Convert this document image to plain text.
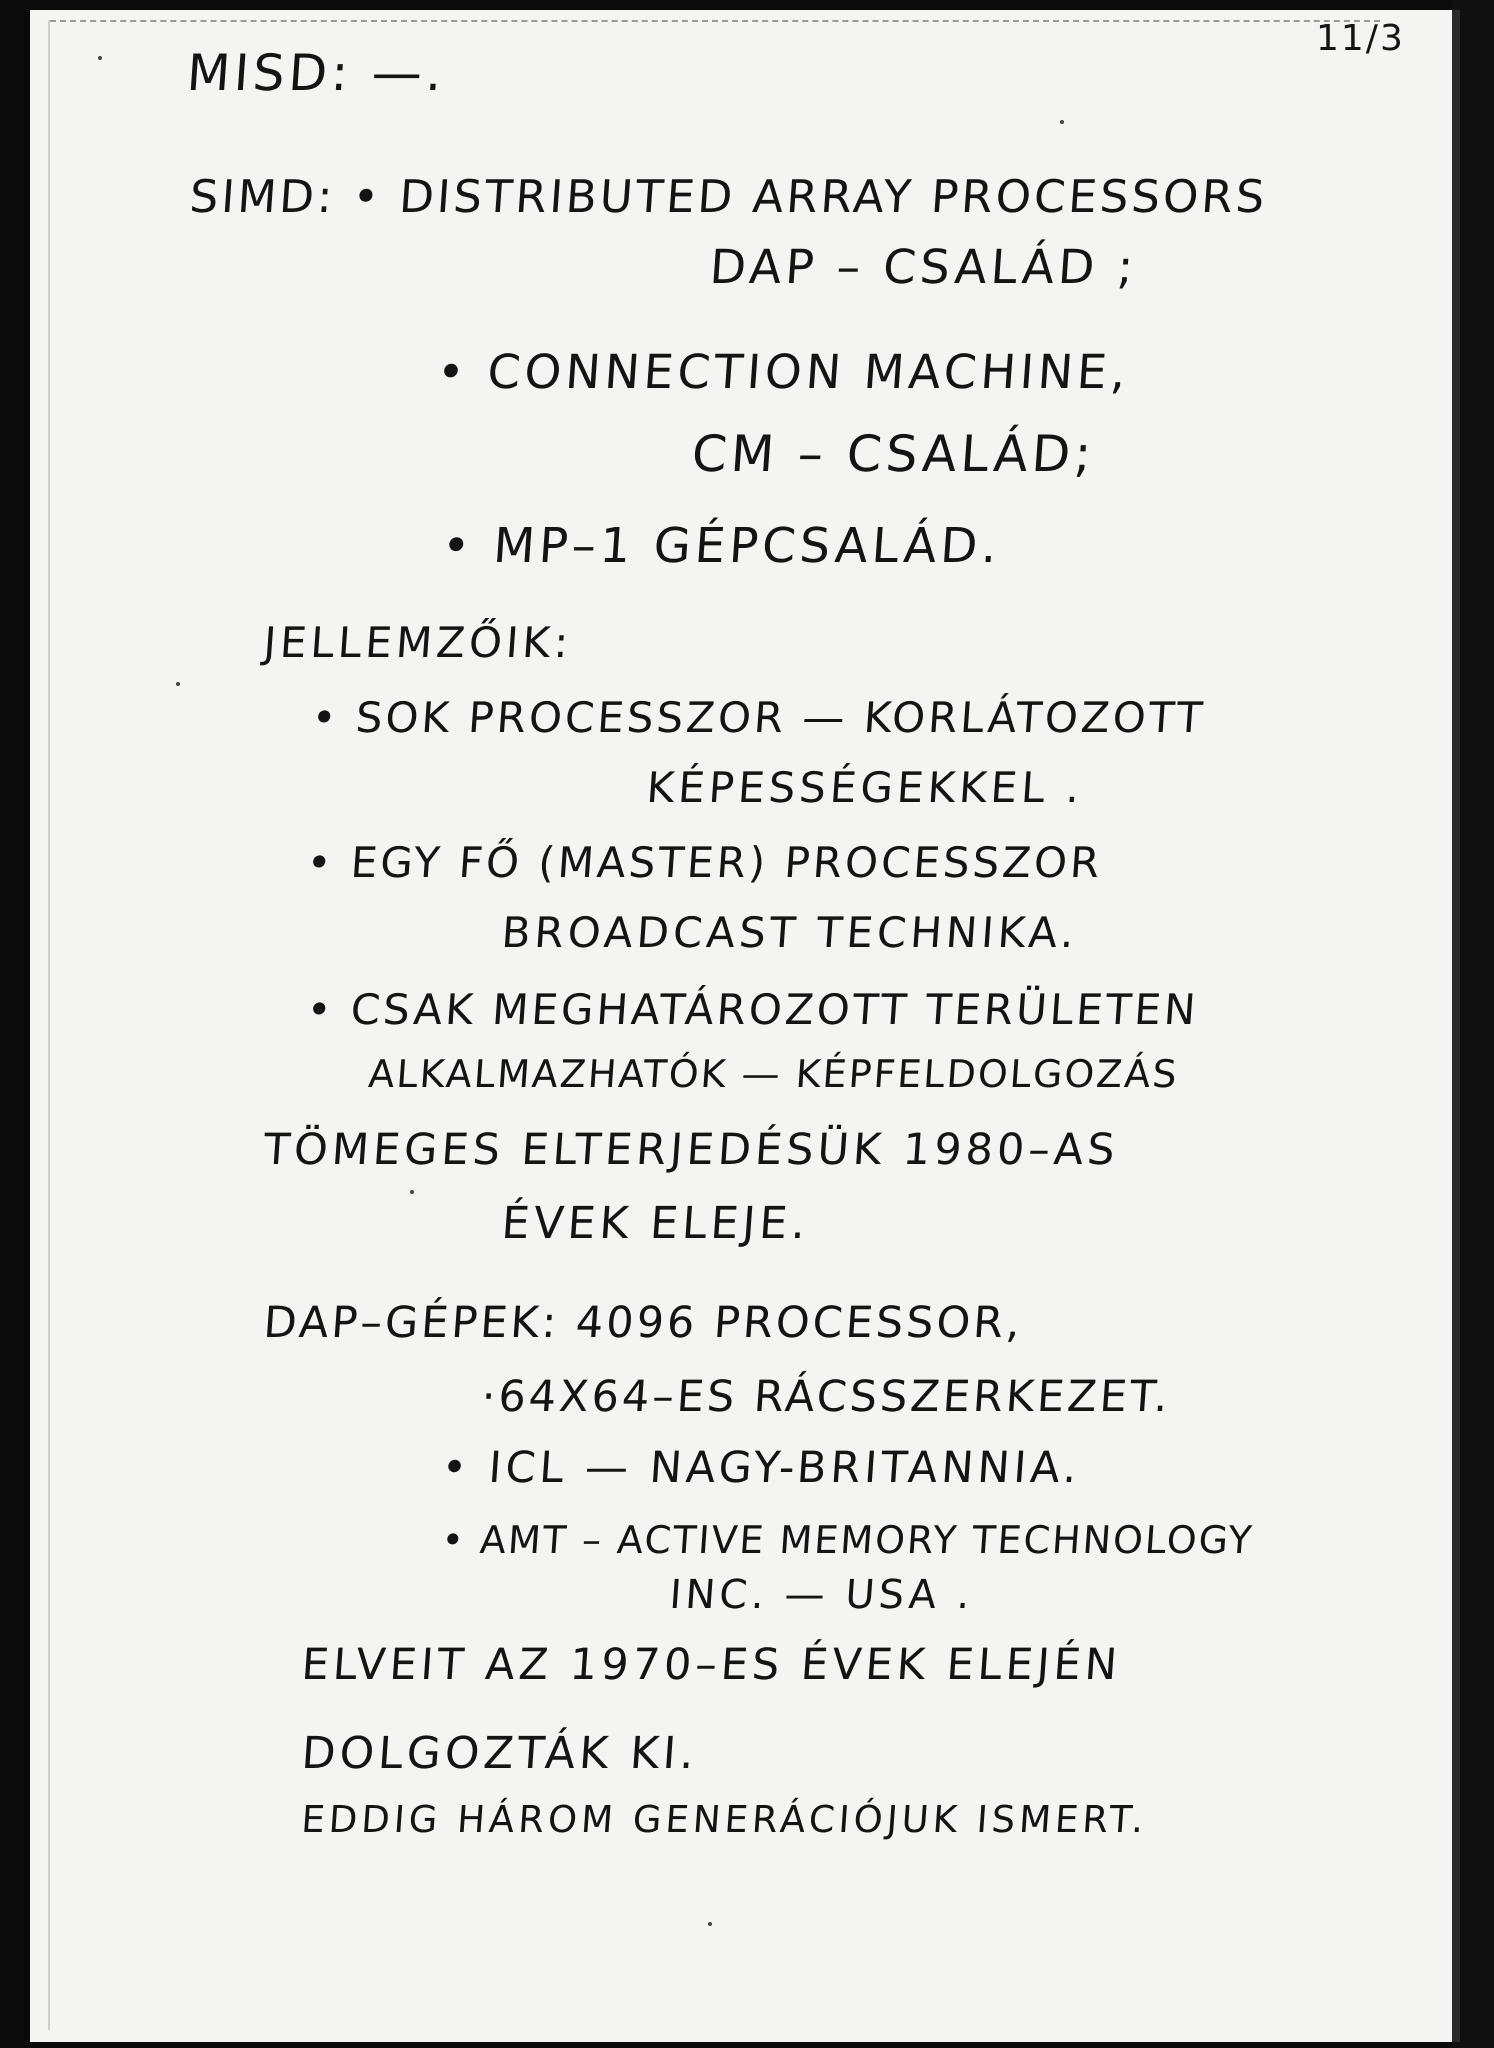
11/3
MISD: —.
SIMD: • DISTRIBUTED ARRAY PROCESSORS
DAP – CSALÁD ;
• CONNECTION MACHINE,
CM – CSALÁD;
• MP–1 GÉPCSALÁD.
JELLEMZŐIK:
• SOK PROCESSZOR — KORLÁTOZOTT
KÉPESSÉGEKKEL .
• EGY FŐ (MASTER) PROCESSZOR
BROADCAST TECHNIKA.
• CSAK MEGHATÁROZOTT TERÜLETEN
ALKALMAZHATÓK — KÉPFELDOLGOZÁS
TÖMEGES ELTERJEDÉSÜK 1980–AS
ÉVEK ELEJE.
DAP–GÉPEK: 4096 PROCESSOR,
·64X64–ES RÁCSSZERKEZET.
• ICL — NAGY-BRITANNIA.
• AMT – ACTIVE MEMORY TECHNOLOGY
INC. — USA .
ELVEIT AZ 1970–ES ÉVEK ELEJÉN
DOLGOZTÁK KI.
EDDIG HÁROM GENERÁCIÓJUK ISMERT.
